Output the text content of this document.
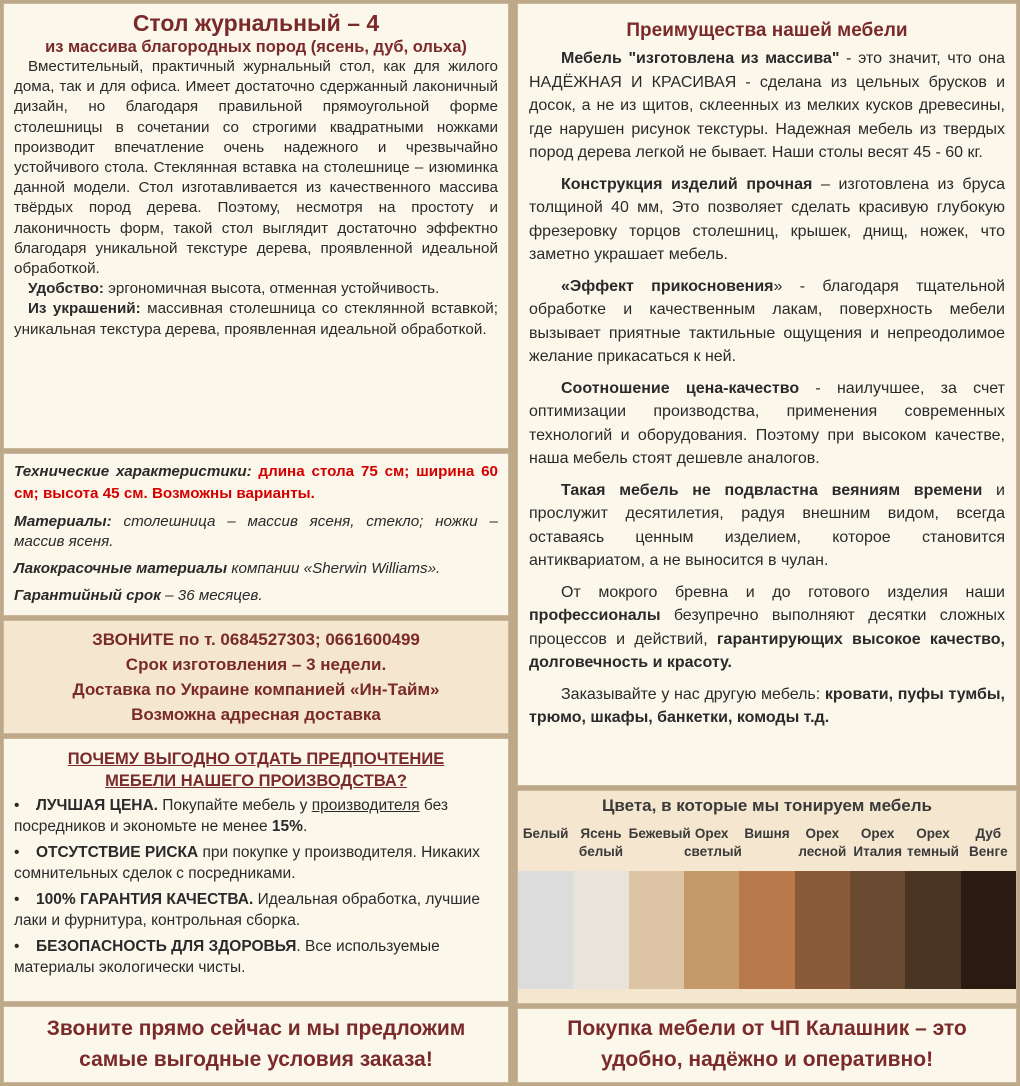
Стол журнальный – 4
из массива благородных пород (ясень, дуб, ольха)
Вместительный, практичный журнальный стол, как для жилого дома, так и для офиса. Имеет достаточно сдержанный лаконичный дизайн, но благодаря правильной прямоугольной форме столешницы в сочетании со строгими квадратными ножками производит впечатление очень надежного и чрезвычайно устойчивого стола. Стеклянная вставка на столешнице – изюминка данной модели. Стол изготавливается из качественного массива твёрдых пород дерева. Поэтому, несмотря на простоту и лаконичность форм, такой стол выглядит достаточно эффектно благодаря уникальной текстуре дерева, проявленной идеальной обработкой.
Удобство: эргономичная высота, отменная устойчивость.
Из украшений: массивная столешница со стеклянной вставкой; уникальная текстура дерева, проявленная идеальной обработкой.
Технические характеристики: длина стола 75 см; ширина 60 см; высота 45 см. Возможны варианты.
Материалы: столешница – массив ясеня, стекло; ножки – массив ясеня.
Лакокрасочные материалы компании «Sherwin Williams».
Гарантийный срок – 36 месяцев.
ЗВОНИТЕ по т. 0684527303; 0661600499
Срок изготовления – 3 недели.
Доставка по Украине компанией «Ин-Тайм»
Возможна адресная доставка
ПОЧЕМУ ВЫГОДНО ОТДАТЬ ПРЕДПОЧТЕНИЕ
МЕБЕЛИ НАШЕГО ПРОИЗВОДСТВА?
• ЛУЧШАЯ ЦЕНА. Покупайте мебель у производителя без посредников и экономьте не менее 15%.
• ОТСУТСТВИЕ РИСКА при покупке у производителя. Никаких сомнительных сделок с посредниками.
• 100% ГАРАНТИЯ КАЧЕСТВА. Идеальная обработка, лучшие лаки и фурнитура, контрольная сборка.
• БЕЗОПАСНОСТЬ ДЛЯ ЗДОРОВЬЯ. Все используемые материалы экологически чисты.
Звоните прямо сейчас и мы предложим
самые выгодные условия заказа!
Преимущества нашей мебели
Мебель "изготовлена из массива" - это значит, что она НАДЁЖНАЯ И КРАСИВАЯ - сделана из цельных брусков и досок, а не из щитов, склеенных из мелких кусков древесины, где нарушен рисунок текстуры. Надежная мебель из твердых пород дерева легкой не бывает. Наши столы весят 45 - 60 кг.
Конструкция изделий прочная – изготовлена из бруса толщиной 40 мм, Это позволяет сделать красивую глубокую фрезеровку торцов столешниц, крышек, днищ, ножек, что заметно украшает мебель.
«Эффект прикосновения» - благодаря тщательной обработке и качественным лакам, поверхность мебели вызывает приятные тактильные ощущения и непреодолимое желание прикасаться к ней.
Соотношение цена-качество - наилучшее, за счет оптимизации производства, применения современных технологий и оборудования. Поэтому при высоком качестве, наша мебель стоят дешевле аналогов.
Такая мебель не подвластна веяниям времени и прослужит десятилетия, радуя внешним видом, всегда оставаясь ценным изделием, которое становится антиквариатом, а не выносится в чулан.
От мокрого бревна и до готового изделия наши профессионалы безупречно выполняют десятки сложных процессов и действий, гарантирующих высокое качество, долговечность и красоту.
Заказывайте у нас другую мебель: кровати, пуфы тумбы, трюмо, шкафы, банкетки, комоды т.д.
Цвета, в которые мы тонируем мебель
Белый Ясень
белый
Бежевый Орех
светлый
Вишня	Орех
лесной
Орех
Италия
Орех
темный
Дуб
Венге
Покупка мебели от ЧП Калашник – это
удобно, надёжно и оперативно!
